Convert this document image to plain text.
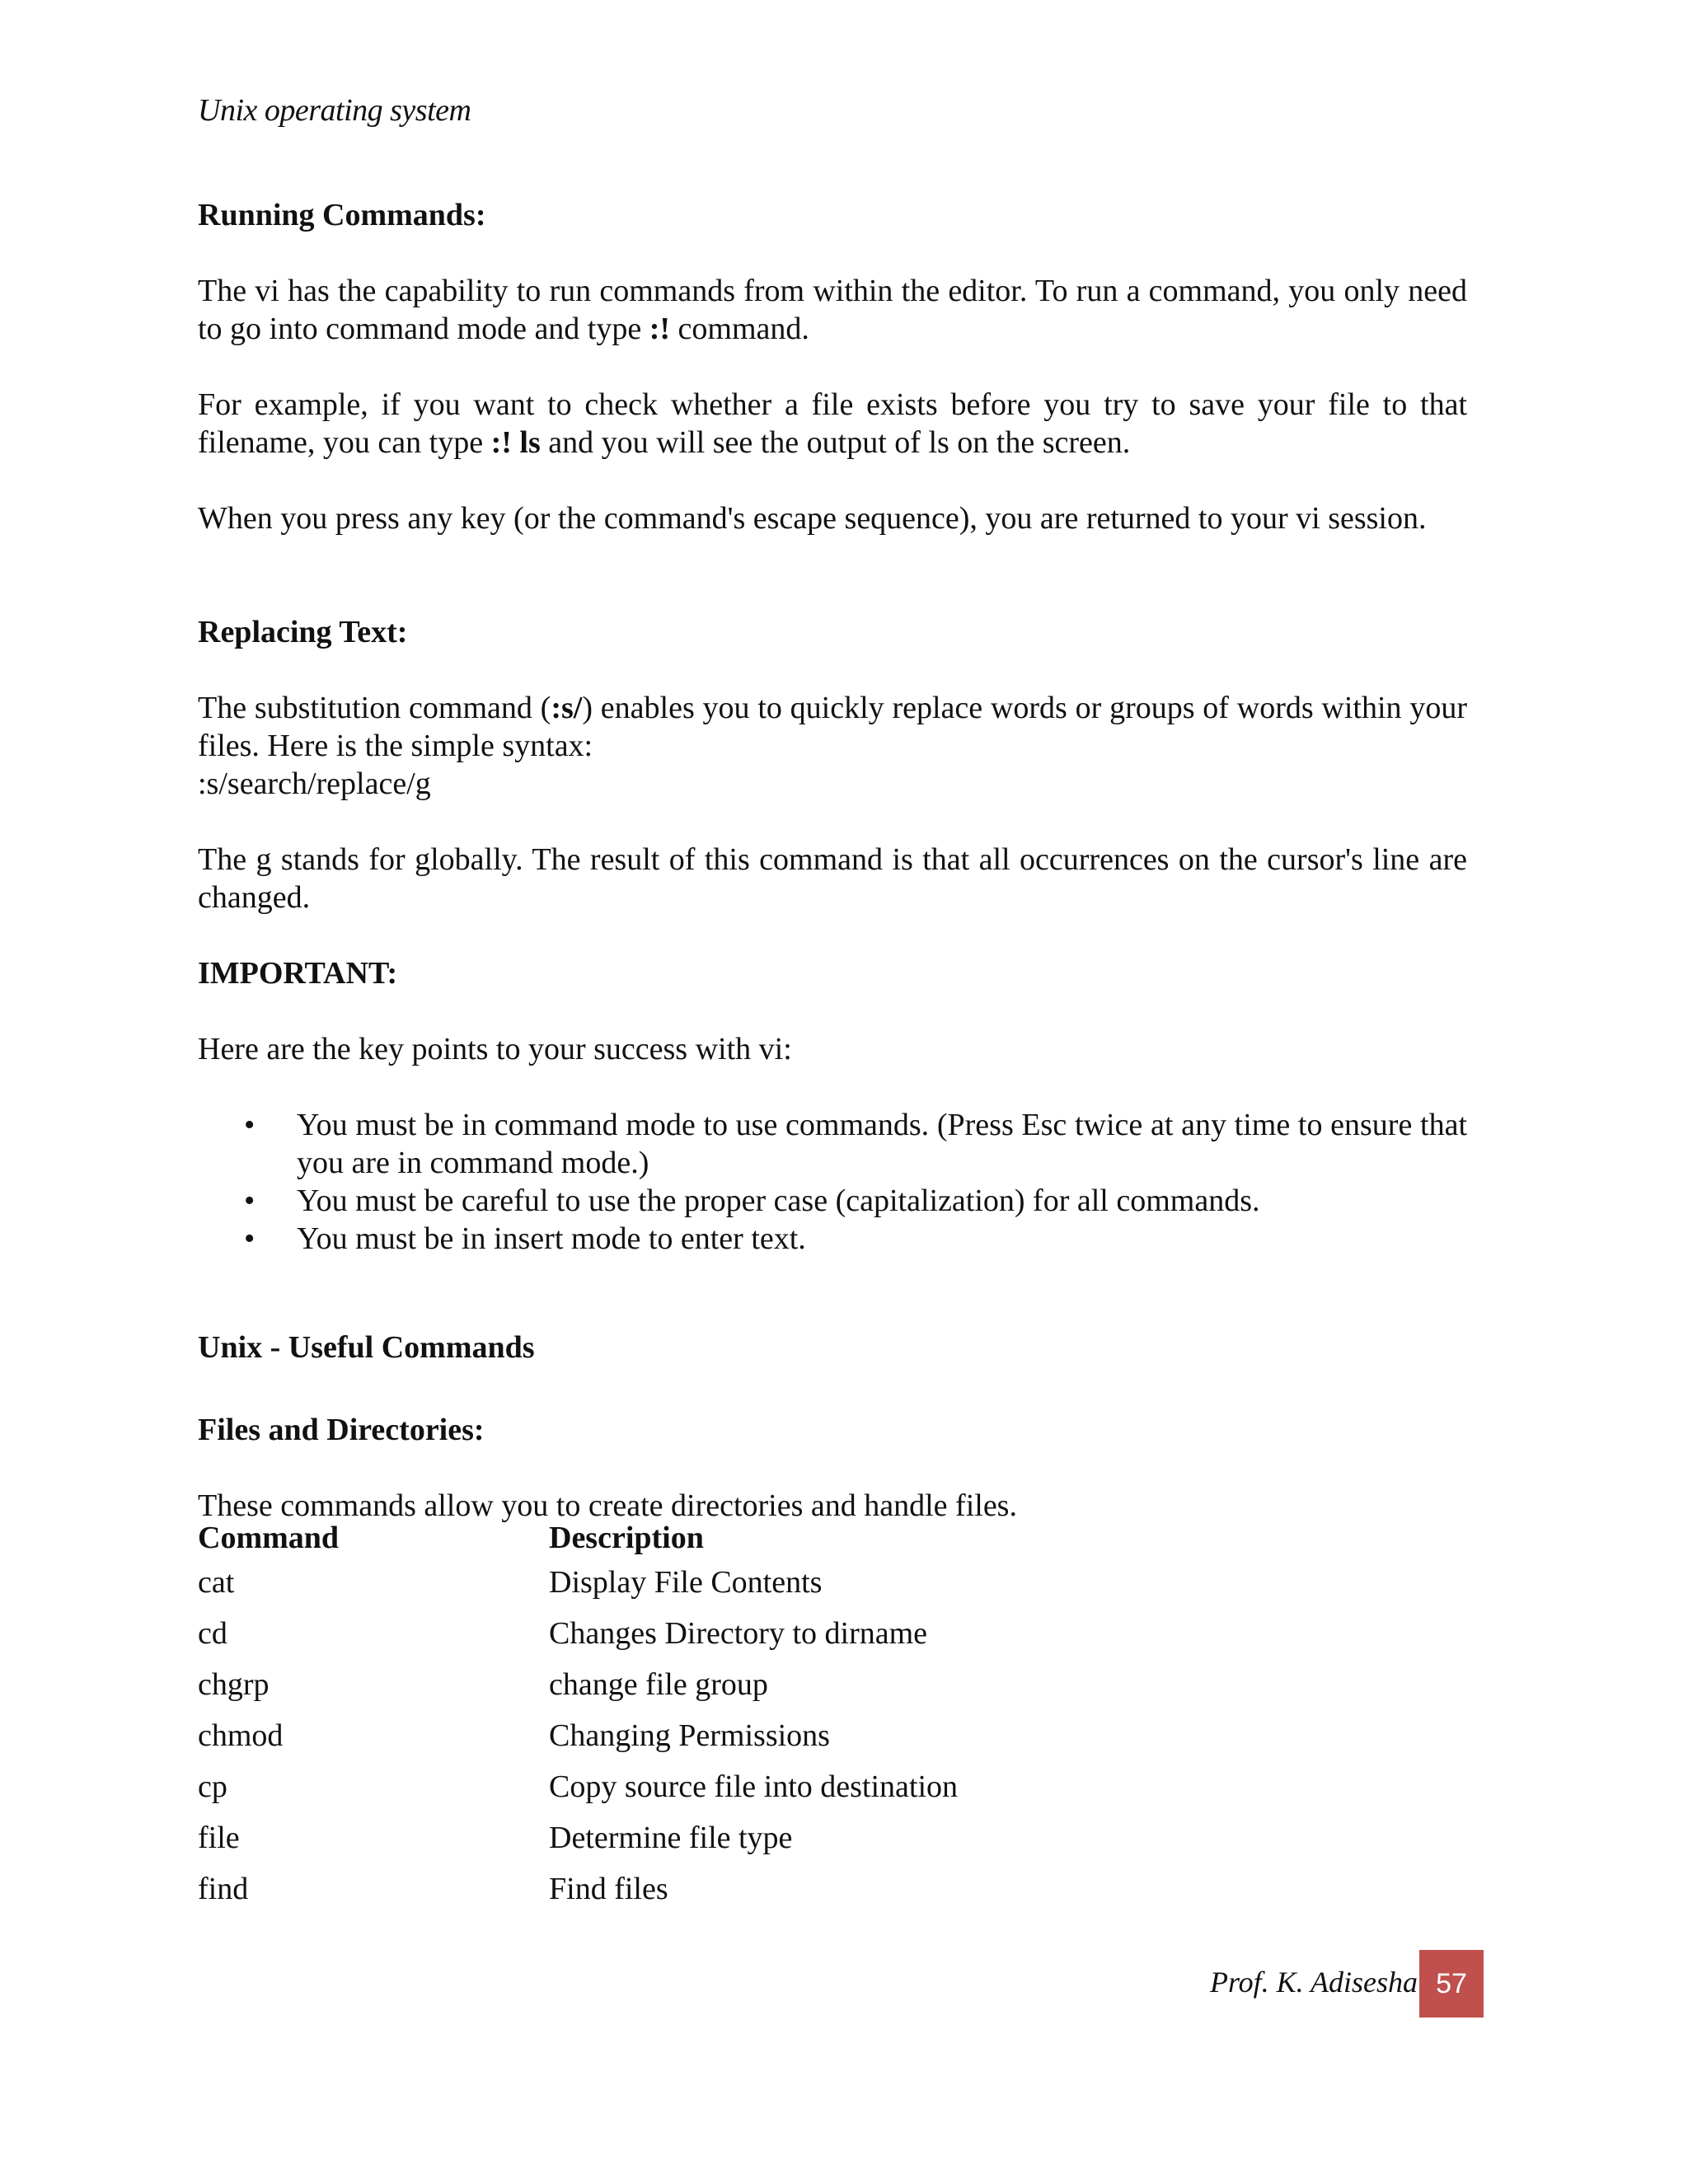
Unix operating system
Running Commands:
The vi has the capability to run commands from within the editor. To run a command, you only need to go into command mode and type :! command.
For example, if you want to check whether a file exists before you try to save your file to that filename, you can type :! ls and you will see the output of ls on the screen.
When you press any key (or the command's escape sequence), you are returned to your vi session.
Replacing Text:
The substitution command (:s/) enables you to quickly replace words or groups of words within your files. Here is the simple syntax:
:s/search/replace/g
The g stands for globally. The result of this command is that all occurrences on the cursor's line are changed.
IMPORTANT:
Here are the key points to your success with vi:
• You must be in command mode to use commands. (Press Esc twice at any time to ensure that you are in command mode.)
• You must be careful to use the proper case (capitalization) for all commands.
• You must be in insert mode to enter text.
Unix - Useful Commands
Files and Directories:
These commands allow you to create directories and handle files.
Command	Description
cat	Display File Contents
cd	Changes Directory to dirname
chgrp	change file group
chmod	Changing Permissions
cp	Copy source file into destination
file	Determine file type
find	Find files
Prof. K. Adisesha 57
